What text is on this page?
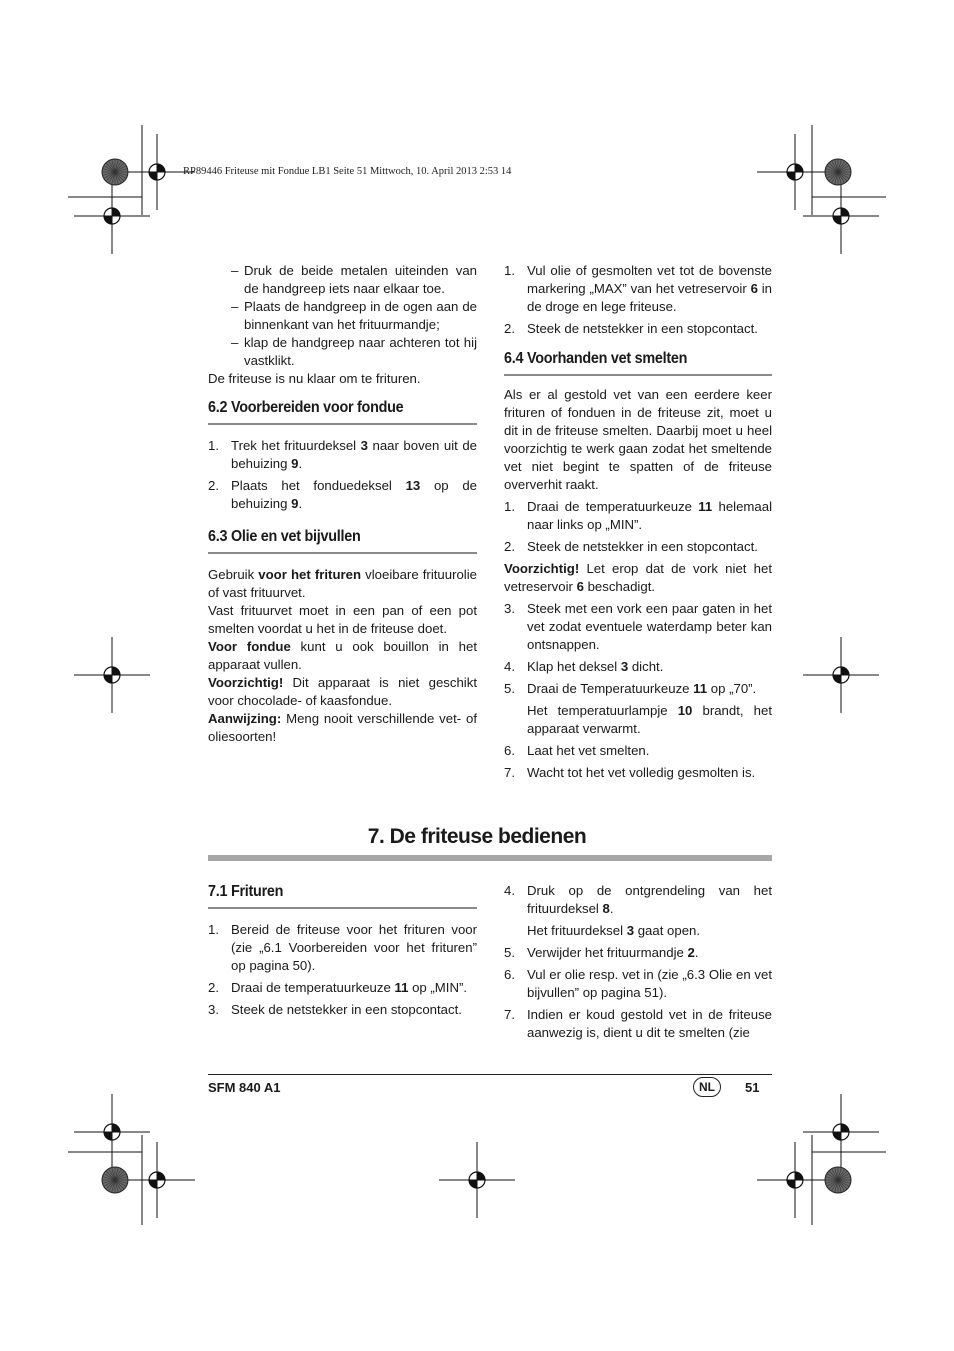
RP89446 Friteuse mit Fondue LB1 Seite 51 Mittwoch, 10. April 2013 2:53 14

– Druk de beide metalen uiteinden van de handgreep iets naar elkaar toe.

– Plaats de handgreep in de ogen aan de binnenkant van het frituurmandje;

– klap de handgreep naar achteren tot hij vastklikt.

De friteuse is nu klaar om te frituren.

6.2 Voorbereiden voor fondue

1. Trek het frituurdeksel 3 naar boven uit de behuizing 9.

2. Plaats het fonduedeksel 13 op de behuizing 9.

6.3 Olie en vet bijvullen

Gebruik voor het frituren vloeibare frituurolie of vast frituurvet.

Vast frituurvet moet in een pan of een pot smelten voordat u het in de friteuse doet.

Voor fondue kunt u ook bouillon in het apparaat vullen.

Voorzichtig! Dit apparaat is niet geschikt voor chocolade- of kaasfondue.

Aanwijzing: Meng nooit verschillende vet- of oliesoorten!

1. Vul olie of gesmolten vet tot de bovenste markering „MAX” van het vetreservoir 6 in de droge en lege friteuse.

2. Steek de netstekker in een stopcontact.

6.4 Voorhanden vet smelten

Als er al gestold vet van een eerdere keer frituren of fonduen in de friteuse zit, moet u dit in de friteuse smelten. Daarbij moet u heel voorzichtig te werk gaan zodat het smeltende vet niet begint te spatten of de friteuse oververhit raakt.

1. Draai de temperatuurkeuze 11 helemaal naar links op „MIN”.

2. Steek de netstekker in een stopcontact.

Voorzichtig! Let erop dat de vork niet het vetreservoir 6 beschadigt.

3. Steek met een vork een paar gaten in het vet zodat eventuele waterdamp beter kan ontsnappen.

4. Klap het deksel 3 dicht.

5. Draai de Temperatuurkeuze 11 op „70”.

Het temperatuurlampje 10 brandt, het apparaat verwarmt.

6. Laat het vet smelten.

7. Wacht tot het vet volledig gesmolten is.

7. De friteuse bedienen
7.1 Frituren

1. Bereid de friteuse voor het frituren voor (zie „6.1 Voorbereiden voor het frituren” op pagina 50).

2. Draai de temperatuurkeuze 11 op „MIN”.

3. Steek de netstekker in een stopcontact.

4. Druk op de ontgrendeling van het frituurdeksel 8.

Het frituurdeksel 3 gaat open.

5. Verwijder het frituurmandje 2.

6. Vul er olie resp. vet in (zie „6.3 Olie en vet bijvullen” op pagina 51).

7. Indien er koud gestold vet in de friteuse aanwezig is, dient u dit te smelten (zie

SFM 840 A1	NL	51
